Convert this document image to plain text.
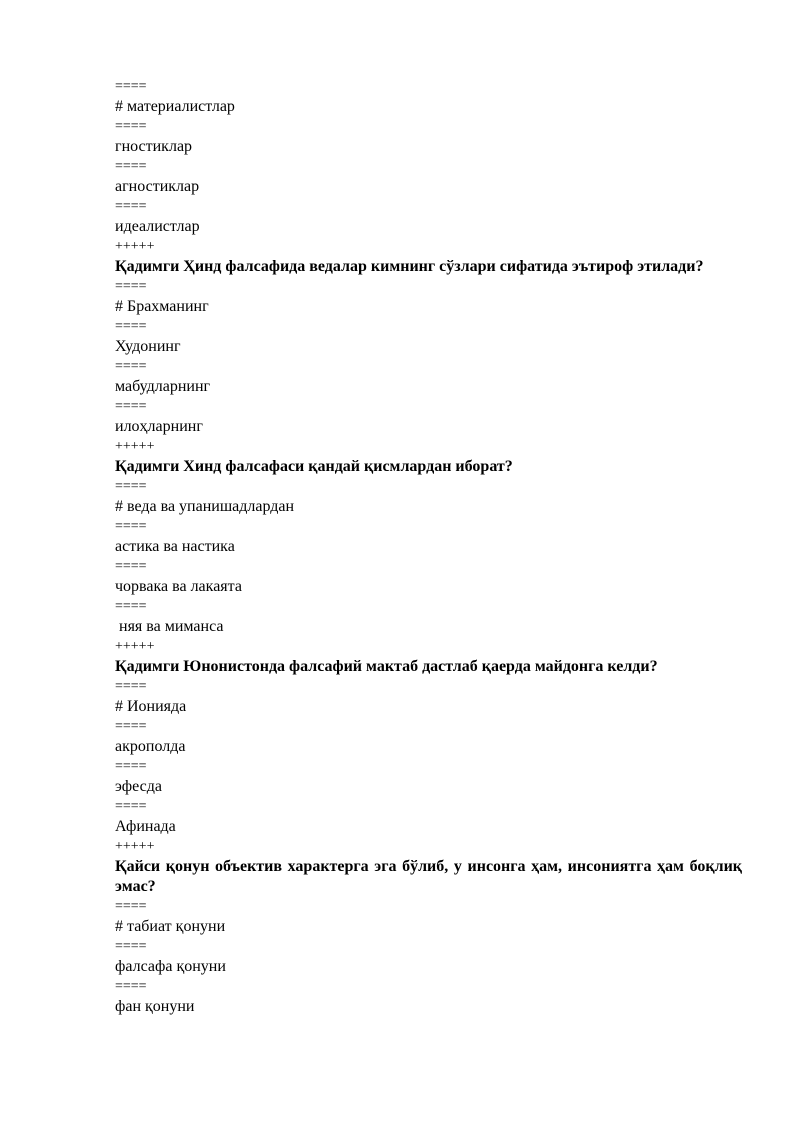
====
# материалистлар
====
гностиклар
====
агностиклар
====
идеалистлар
+++++
Қадимги Ҳинд фалсафида ведалар кимнинг сўзлари сифатида эътироф этилади?
====
# Брахманинг
====
Худонинг
====
мабудларнинг
====
илоҳларнинг
+++++
Қадимги Хинд фалсафаси қандай қисмлардан иборат?
====
# веда ва упанишадлардан
====
астика ва настика
====
чорвака ва лакаята
====
няя ва миманса
+++++
Қадимги Юнонистонда фалсафий мактаб дастлаб қаерда майдонга келди?
====
# Ионияда
====
акрополда
====
эфесда
====
Афинада
+++++
Қайси қонун объектив характерга эга бўлиб, у инсонга ҳам, инсониятга ҳам боқлиқ эмас?
====
# табиат қонуни
====
фалсафа қонуни
====
фан қонуни
